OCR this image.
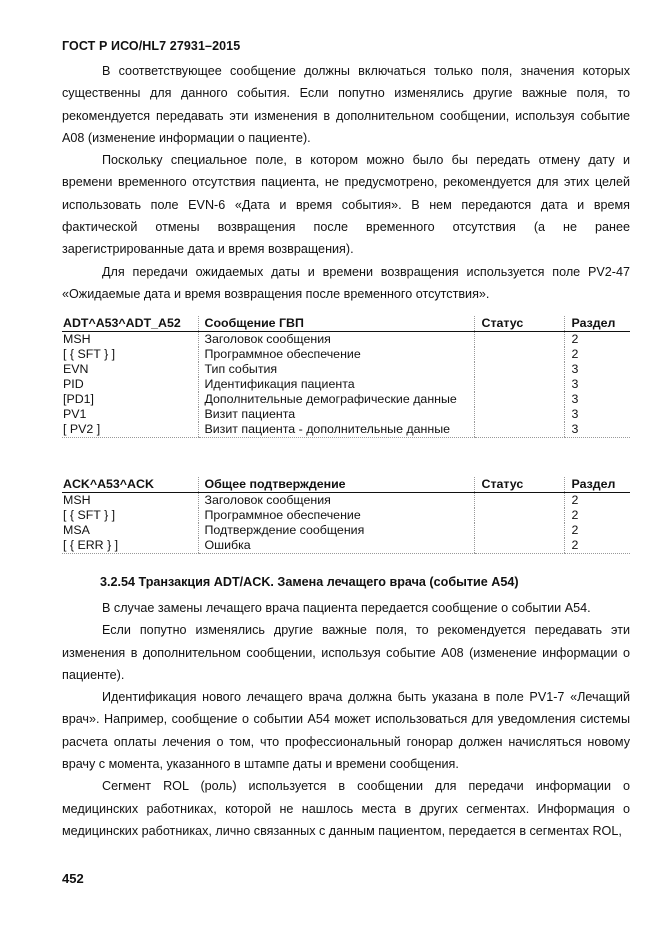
ГОСТ Р ИСО/HL7 27931–2015

В соответствующее сообщение должны включаться только поля, значения которых существенны для данного события. Если попутно изменялись другие важные поля, то рекомендуется передавать эти изменения в дополнительном сообщении, используя событие A08 (изменение информации о пациенте).

Поскольку специальное поле, в котором можно было бы передать отмену дату и времени временного отсутствия пациента, не предусмотрено, рекомендуется для этих целей использовать поле EVN-6 «Дата и время события». В нем передаются дата и время фактической отмены возвращения после временного отсутствия (а не ранее зарегистрированные дата и время возвращения).

Для передачи ожидаемых даты и времени возвращения используется поле PV2-47 «Ожидаемые дата и время возвращения после временного отсутствия».

ADT^A53^ADT_A52	Сообщение ГВП	Статус	Раздел
MSH	Заголовок сообщения		2
[ { SFT } ]	Программное обеспечение		2
EVN	Тип события		3
PID	Идентификация пациента		3
[PD1]	Дополнительные демографические данные		3
PV1	Визит пациента		3
[ PV2 ]	Визит пациента - дополнительные данные		3
ACK^A53^ACK	Общее подтверждение	Статус	Раздел
MSH	Заголовок сообщения		2
[ { SFT } ]	Программное обеспечение		2
MSA	Подтверждение сообщения		2
[ { ERR } ]	Ошибка		2
3.2.54 Транзакция ADT/ACK. Замена лечащего врача (событие A54)

В случае замены лечащего врача пациента передается сообщение о событии A54.

Если попутно изменялись другие важные поля, то рекомендуется передавать эти изменения в дополнительном сообщении, используя событие A08 (изменение информации о пациенте).

Идентификация нового лечащего врача должна быть указана в поле PV1-7 «Лечащий врач». Например, сообщение о событии A54 может использоваться для уведомления системы расчета оплаты лечения о том, что профессиональный гонорар должен начисляться новому врачу с момента, указанного в штампе даты и времени сообщения.

Сегмент ROL (роль) используется в сообщении для передачи информации о медицинских работниках, которой не нашлось места в других сегментах. Информация о медицинских работниках, лично связанных с данным пациентом, передается в сегментах ROL,

452
